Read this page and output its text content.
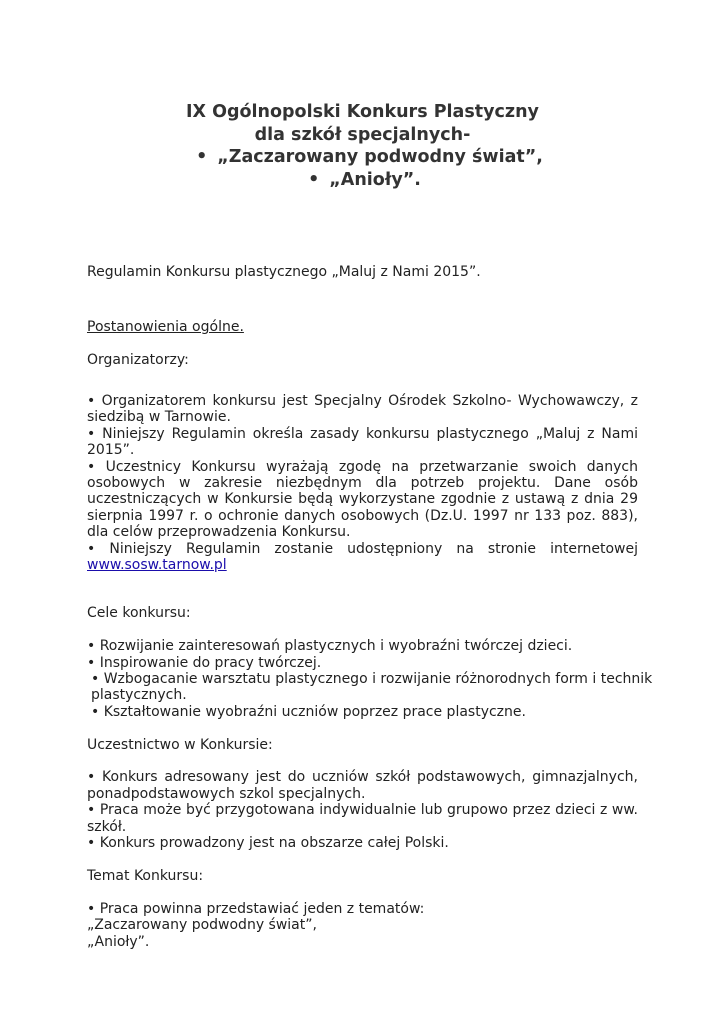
IX Ogólnopolski Konkurs Plastyczny
dla szkół specjalnych-
• „Zaczarowany podwodny świat”,
• „Anioły”.

Regulamin Konkursu plastycznego „Maluj z Nami 2015”.

Postanowienia ogólne.

Organizatorzy:

• Organizatorem konkursu jest Specjalny Ośrodek Szkolno- Wychowawczy, z siedzibą w Tarnowie.

• Niniejszy Regulamin określa zasady konkursu plastycznego „Maluj z Nami 2015”.

• Uczestnicy Konkursu wyrażają zgodę na przetwarzanie swoich danych osobowych w zakresie niezbędnym dla potrzeb projektu. Dane osób uczestniczących w Konkursie będą wykorzystane zgodnie z ustawą z dnia 29 sierpnia 1997 r. o ochronie danych osobowych (Dz.U. 1997 nr 133 poz. 883), dla celów przeprowadzenia Konkursu.

• Niniejszy Regulamin zostanie udostępniony na stronie internetowej www.sosw.tarnow.pl

Cele konkursu:

• Rozwijanie zainteresowań plastycznych i wyobraźni twórczej dzieci.

• Inspirowanie do pracy twórczej.

• Wzbogacanie warsztatu plastycznego i rozwijanie różnorodnych form i technik

plastycznych.

• Kształtowanie wyobraźni uczniów poprzez prace plastyczne.

Uczestnictwo w Konkursie:

• Konkurs adresowany jest do uczniów szkół podstawowych, gimnazjalnych, ponadpodstawowych szkol specjalnych.

• Praca może być przygotowana indywidualnie lub grupowo przez dzieci z ww. szkół.

• Konkurs prowadzony jest na obszarze całej Polski.

Temat Konkursu:

• Praca powinna przedstawiać jeden z tematów:

„Zaczarowany podwodny świat”,

„Anioły”.
